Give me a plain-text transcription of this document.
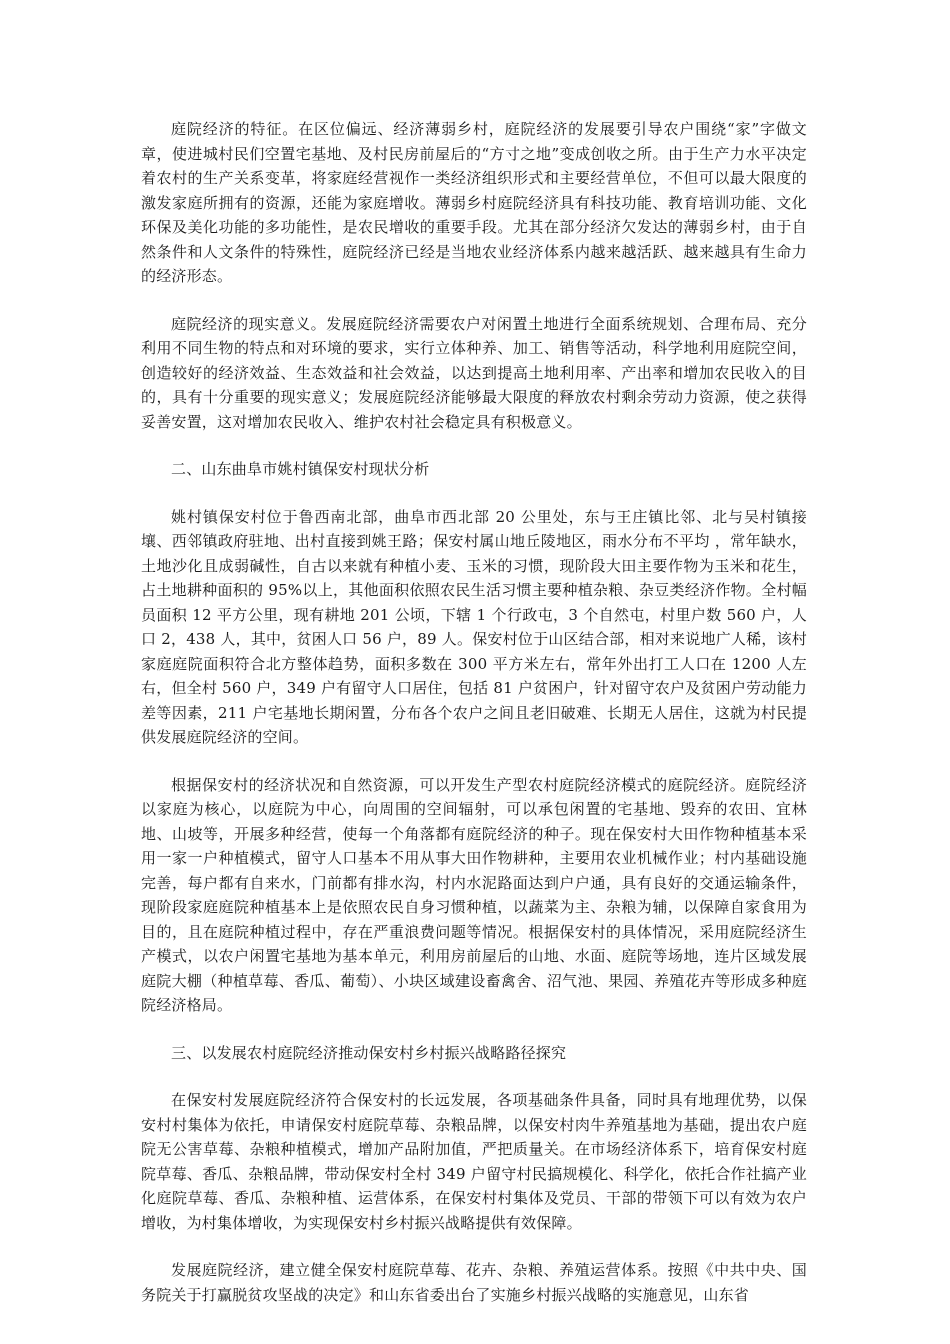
庭院经济的特征。在区位偏远、经济薄弱乡村，庭院经济的发展要引导农户围绕“家”字做文章，使进城村民们空置宅基地、及村民房前屋后的“方寸之地”变成创收之所。由于生产力水平决定着农村的生产关系变革，将家庭经营视作一类经济组织形式和主要经营单位，不但可以最大限度的激发家庭所拥有的资源，还能为家庭增收。薄弱乡村庭院经济具有科技功能、教育培训功能、文化环保及美化功能的多功能性，是农民增收的重要手段。尤其在部分经济欠发达的薄弱乡村，由于自然条件和人文条件的特殊性，庭院经济已经是当地农业经济体系内越来越活跃、越来越具有生命力的经济形态。

庭院经济的现实意义。发展庭院经济需要农户对闲置土地进行全面系统规划、合理布局、充分利用不同生物的特点和对环境的要求，实行立体种养、加工、销售等活动，科学地利用庭院空间，创造较好的经济效益、生态效益和社会效益，以达到提高土地利用率、产出率和增加农民收入的目的，具有十分重要的现实意义；发展庭院经济能够最大限度的释放农村剩余劳动力资源，使之获得妥善安置，这对增加农民收入、维护农村社会稳定具有积极意义。

二、山东曲阜市姚村镇保安村现状分析

姚村镇保安村位于鲁西南北部，曲阜市西北部 20 公里处，东与王庄镇比邻、北与吴村镇接壤、西邻镇政府驻地、出村直接到姚王路；保安村属山地丘陵地区，雨水分布不平均 ，常年缺水，土地沙化且成弱碱性，自古以来就有种植小麦、玉米的习惯，现阶段大田主要作物为玉米和花生，占土地耕种面积的 95%以上，其他面积依照农民生活习惯主要种植杂粮、杂豆类经济作物。全村幅员面积 12 平方公里，现有耕地 201 公顷，下辖 1 个行政屯，3 个自然屯，村里户数 560 户，人口 2，438 人，其中，贫困人口 56 户，89 人。保安村位于山区结合部，相对来说地广人稀，该村家庭庭院面积符合北方整体趋势，面积多数在 300 平方米左右，常年外出打工人口在 1200 人左右，但全村 560 户，349 户有留守人口居住，包括 81 户贫困户，针对留守农户及贫困户劳动能力差等因素，211 户宅基地长期闲置，分布各个农户之间且老旧破难、长期无人居住，这就为村民提供发展庭院经济的空间。

根据保安村的经济状况和自然资源，可以开发生产型农村庭院经济模式的庭院经济。庭院经济以家庭为核心，以庭院为中心，向周围的空间辐射，可以承包闲置的宅基地、毁弃的农田、宜林地、山坡等，开展多种经营，使每一个角落都有庭院经济的种子。现在保安村大田作物种植基本采用一家一户种植模式，留守人口基本不用从事大田作物耕种，主要用农业机械作业；村内基础设施完善，每户都有自来水，门前都有排水沟，村内水泥路面达到户户通，具有良好的交通运输条件，现阶段家庭庭院种植基本上是依照农民自身习惯种植，以蔬菜为主、杂粮为辅，以保障自家食用为目的，且在庭院种植过程中，存在严重浪费问题等情况。根据保安村的具体情况，采用庭院经济生产模式，以农户闲置宅基地为基本单元，利用房前屋后的山地、水面、庭院等场地，连片区域发展庭院大棚（种植草莓、香瓜、葡萄）、小块区域建设畜禽舍、沼气池、果园、养殖花卉等形成多种庭院经济格局。

三、以发展农村庭院经济推动保安村乡村振兴战略路径探究

在保安村发展庭院经济符合保安村的长远发展，各项基础条件具备，同时具有地理优势，以保安村村集体为依托，申请保安村庭院草莓、杂粮品牌，以保安村肉牛养殖基地为基础，提出农户庭院无公害草莓、杂粮种植模式，增加产品附加值，严把质量关。在市场经济体系下，培育保安村庭院草莓、香瓜、杂粮品牌，带动保安村全村 349 户留守村民搞规模化、科学化，依托合作社搞产业化庭院草莓、香瓜、杂粮种植、运营体系，在保安村村集体及党员、干部的带领下可以有效为农户增收，为村集体增收，为实现保安村乡村振兴战略提供有效保障。

发展庭院经济，建立健全保安村庭院草莓、花卉、杂粮、养殖运营体系。按照《中共中央、国务院关于打赢脱贫攻坚战的决定》和山东省委出台了实施乡村振兴战略的实施意见，山东省
